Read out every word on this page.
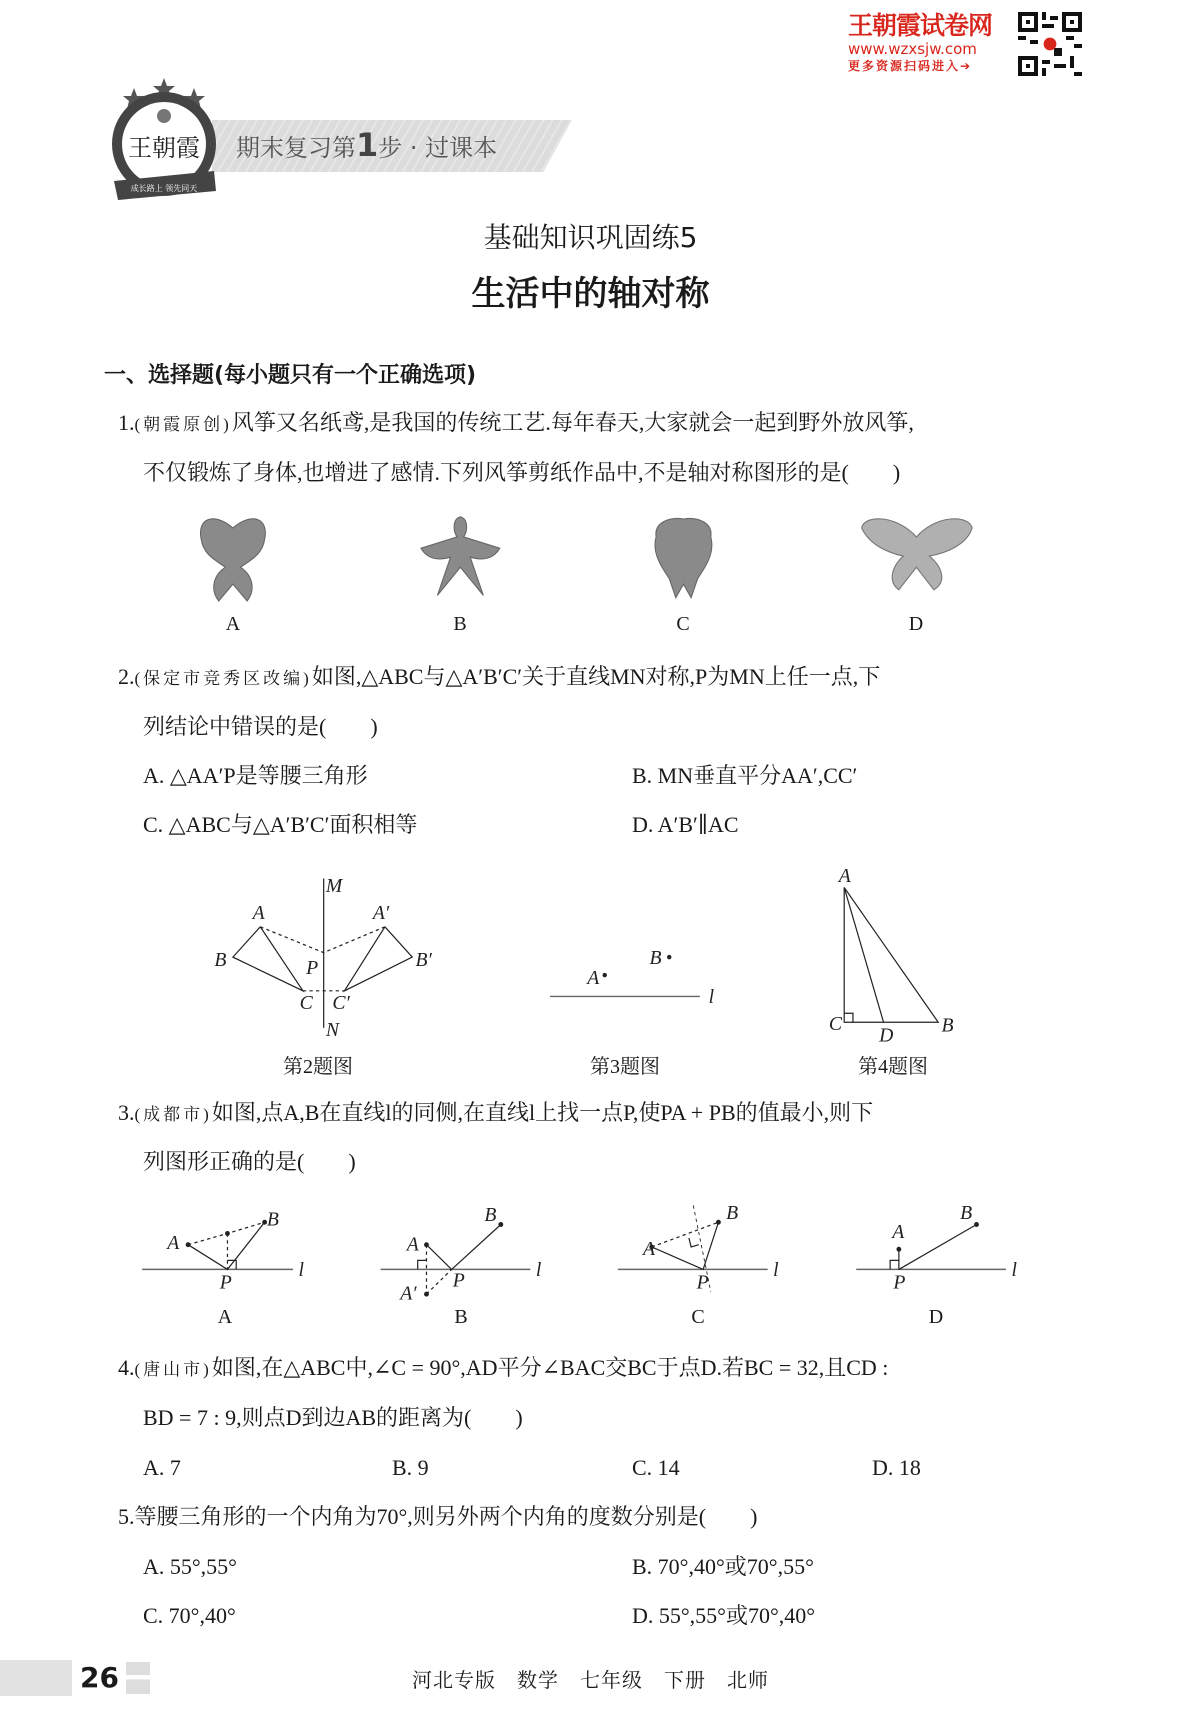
王朝霞试卷网
www.wzxsjw.com
更多资源扫码进入➔
期末复习第1步 · 过课本
王朝霞
成长路上 领先同天
基础知识巩固练5
生活中的轴对称
一、选择题(每小题只有一个正确选项)
1.(朝霞原创)风筝又名纸鸢,是我国的传统工艺.每年春天,大家就会一起到野外放风筝,
不仅锻炼了身体,也增进了感情.下列风筝剪纸作品中,不是轴对称图形的是(　　)
A	B	C	D
2.(保定市竞秀区改编)如图,△ABC与△A′B′C′关于直线MN对称,P为MN上任一点,下
列结论中错误的是(　　)
A. △AA′P是等腰三角形	B. MN垂直平分AA′,CC′
C. △ABC与△A′B′C′面积相等	D. A′B′∥AC
第2题图	第3题图	第4题图
3.(成都市)如图,点A,B在直线l的同侧,在直线l上找一点P,使PA + PB的值最小,则下
列图形正确的是(　　)
A	B	C	D
4.(唐山市)如图,在△ABC中,∠C = 90°,AD平分∠BAC交BC于点D.若BC = 32,且CD :
BD = 7 : 9,则点D到边AB的距离为(　　)
A. 7	B. 9	C. 14	D. 18
5.等腰三角形的一个内角为70°,则另外两个内角的度数分别是(　　)
A. 55°,55°	B. 70°,40°或70°,55°
C. 70°,40°	D. 55°,55°或70°,40°
M
N
A
B
C
P
A′
B′
C′
A
B
l
A
C
D	B
A
B
P
l
A
A′
B
P	l
A
B
P
l
A
B
P
l
26	河北专版　数学　七年级　下册　北师
